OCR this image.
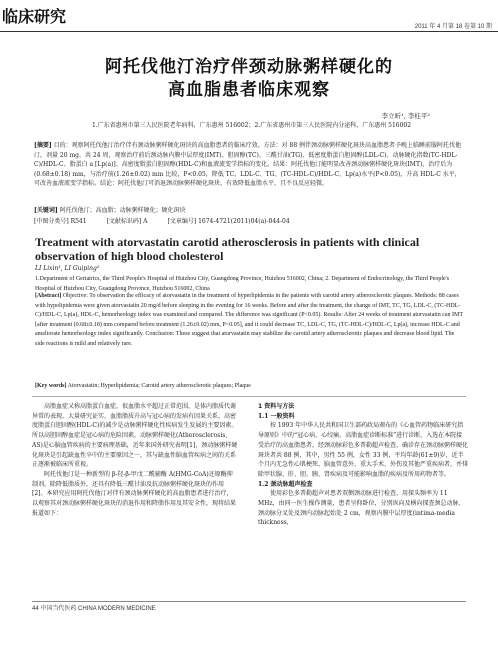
临床研究
2011 年 4 月第 18 卷第 10 期
阿托伐他汀治疗伴颈动脉粥样硬化的
高血脂患者临床观察
李立昕¹, 李桂平²
1.广东省惠州市第三人民医院老年病科，广东惠州 516002；2.广东省惠州市第三人民医院内分泌科，广东惠州 516002
[摘要] 目的：观察阿托伐他汀治疗伴有颈动脉粥样硬化斑块的高血脂患者的临床疗效。方法：对 88 例伴颈动脉粥样硬化斑块高血脂患者予晚上临睡前服阿托伐他汀，剂量 20 mg，共 24 周，观察治疗前后颈动脉内膜中层厚度(IMT)、胆固醇(TC)、三酰甘油(TG)、低密度脂蛋白胆固醇(LDL-C)、动脉硬化指数(TC-HDL-C)/HDL-C、脂蛋白 a [Lp(a)]、高密度脂蛋白胆固醇(HDL-C)和血液流变学指标的变化。结果：阿托伐他汀能明显改善颈动脉粥样硬化斑块(IMT)，治疗后为(0.68±0.18) mm，与治疗前(1.26±0.02) mm 比较，P<0.05，降低 TC、LDL-C、TG、(TC-HDL-C)/HDL-C、Lp(a)水平(P<0.05)，升高 HDL-C 水平，可改善血液流变学指标。结论：阿托伐他汀可消退颈动脉粥样硬化斑块，有效降低血脂水平，且不良反应轻微。
[关键词] 阿托伐他汀；高血脂；动脉粥样硬化；硬化斑块
[中图分类号] R541	[文献标识码] A	[文章编号] 1674-4721(2011)04(a)-044-04
Treatment with atorvastatin carotid atherosclerosis in patients with clinical observation of high blood cholesterol
LI Lixin¹, LI Guiping²
1.Department of Geriatrics, the Third People's Hospital of Huizhou City, Guangdong Province, Huizhou 516002, China; 2. Department of Endocrinology, the Third People's Hospital of Huizhou City, Guangdong Province, Huizhou 516002, China
[Abstract] Objective: To observation the efficacy of atorvastatin in the treatment of hyperlipidemia in the patients with carotid artery atherosclerotic plaques. Methods: 88 cases with hypolipidemia were given atorvastatin 20 mg/d before sleeping in the evening for 16 weeks. Before and after the treatment, the change of IMT, TC, TG, LDL-C, (TC-HDL-C)/HDL-C, Lp(a), HDL-C, hemorheology index was examined and compared. The difference was significant (P<0.05). Results: After 24 weeks of treatment atorvastatin can IMT [after treatment (0.68±0.18) mm compared before treatment (1.26±0.02) mm, P<0.05], and it could decrease TC, LDL-C, TG, (TC-HDL-C)/HDL-C, Lp(a), increase HDL-C and ameliorate hemorheology index significantly. Conclusion: These suggest that atorvastatin may stabilize the carotid artery atherosclerotic plaques and decrease blood lipid. The side reactions is mild and relatively rare.
[Key words] Atorvastatin; Hyperlipidemia; Carotid artery atherosclerotic plaques; Plaque

高脂血症又称高脂蛋白血症，很血脂水平超过正常范围，是体内脂质代谢异常的表现。大量研究证实，血脂脂质升高与冠心病的发病有因果关系，高密度脂蛋白胆固醇(HDL-C)的减少是动脉粥样硬化性疾病发生发展的主要因素。所以高胆固醇血症是冠心病的危险因素，动脉粥样硬化(Atherosclerosis, AS)是心脑血管疾病的主要病理基础，近年来国外研究表明[1]，颈动脉粥样硬化斑块是引起缺血性卒中的主要原因之一，其与缺血性脑血管疾病之间的关系正逐渐被临床所重视。

阿托伐他汀是一种新型的 β-羟-β-甲戊二酰辅酶 A(HMG-CoA)还原酶抑制剂，除降低脂质外，还具有降低三酰甘油及抗动脉粥样硬化斑块的作用[2]。本研究应用阿托伐他汀对伴有颈动脉粥样硬化的高血脂患者进行治疗，以观察其对颈动脉粥样硬化斑块的消退作用和降脂作用及其安全性，现将结果报道如下：

1 资料与方法

1.1 一般资料

按 1993 年中华人民共和国卫生部药政局颁布的《心血管药物临床研究指导原则》中的“冠心病、心绞痛、高脂血症诊断标准”进行诊断，入选在本院接受治疗的高血脂患者，经颈动脉彩色多普勒超声检查，确诊存在颈动脉粥样硬化斑块者共 88 例，其中，男性 55 例，女性 33 例，平均年龄(61±9)岁，近半个月内无急性心肌梗死、脑血管意外、重大手术、外伤及其他严重疾病者，并排除甲状腺、肝、胆、胰、肾疾病及可能影响血脂的疾病及所用药物者等。

1.2 颈动脉超声检查

使用彩色多普勒超声对患者双侧颈动脉进行检查，用探头频率为 11 MHz，由同一医生操作测量，患者呈仰卧位，分别纵向及横向探查颈总动脉、颈动脉分叉处及颈内动脉起始处 2 cm，观察内膜中层厚度(intima-media thickness，

44 中国当代医药 CHINA MODERN MEDICINE
